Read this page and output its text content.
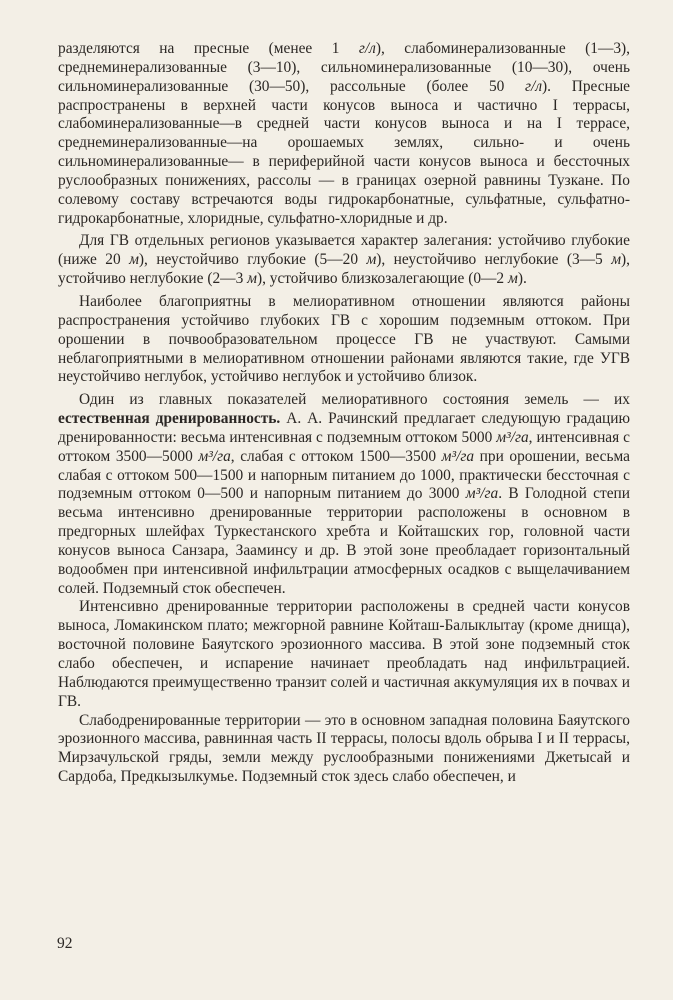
разделяются на пресные (менее 1 г/л), слабоминерализованные (1—3), среднеминерализованные (3—10), сильноминерализованные (10—30), очень сильноминерализованные (30—50), рассольные (более 50 г/л). Пресные распространены в верхней части конусов выноса и частично I террасы, слабоминерализованные—в средней части конусов выноса и на I террасе, среднеминерализованные—на орошаемых землях, сильно- и очень сильноминерализованные— в периферийной части конусов выноса и бессточных руслообразных понижениях, рассолы — в границах озерной равнины Тузкане. По солевому составу встречаются воды гидрокарбонатные, сульфатные, сульфатно-гидрокарбонатные, хлоридные, сульфатно-хлоридные и др.

Для ГВ отдельных регионов указывается характер залегания: устойчиво глубокие (ниже 20 м), неустойчиво глубокие (5—20 м), неустойчиво неглубокие (3—5 м), устойчиво неглубокие (2—3 м), устойчиво близкозалегающие (0—2 м).

Наиболее благоприятны в мелиоративном отношении являются районы распространения устойчиво глубоких ГВ с хорошим подземным оттоком. При орошении в почвообразовательном процессе ГВ не участвуют. Самыми неблагоприятными в мелиоративном отношении районами являются такие, где УГВ неустойчиво неглубок, устойчиво неглубок и устойчиво близок.

Один из главных показателей мелиоративного состояния земель — их естественная дренированность. А. А. Рачинский предлагает следующую градацию дренированности: весьма интенсивная с подземным оттоком 5000 м³/га, интенсивная с оттоком 3500—5000 м³/га, слабая с оттоком 1500—3500 м³/га при орошении, весьма слабая с оттоком 500—1500 и напорным питанием до 1000, практически бессточная с подземным оттоком 0—500 и напорным питанием до 3000 м³/га. В Голодной степи весьма интенсивно дренированные территории расположены в основном в предгорных шлейфах Туркестанского хребта и Койташских гор, головной части конусов выноса Санзара, Зааминсу и др. В этой зоне преобладает горизонтальный водообмен при интенсивной инфильтрации атмосферных осадков с выщелачиванием солей. Подземный сток обеспечен.

Интенсивно дренированные территории расположены в средней части конусов выноса, Ломакинском плато; межгорной равнине Койташ-Балыклытау (кроме днища), восточной половине Баяутского эрозионного массива. В этой зоне подземный сток слабо обеспечен, и испарение начинает преобладать над инфильтрацией. Наблюдаются преимущественно транзит солей и частичная аккумуляция их в почвах и ГВ.

Слабодренированные территории — это в основном западная половина Баяутского эрозионного массива, равнинная часть II террасы, полосы вдоль обрыва I и II террасы, Мирзачульской гряды, земли между руслообразными понижениями Джетысай и Сардоба, Предкызылкумье. Подземный сток здесь слабо обеспечен, и

92
